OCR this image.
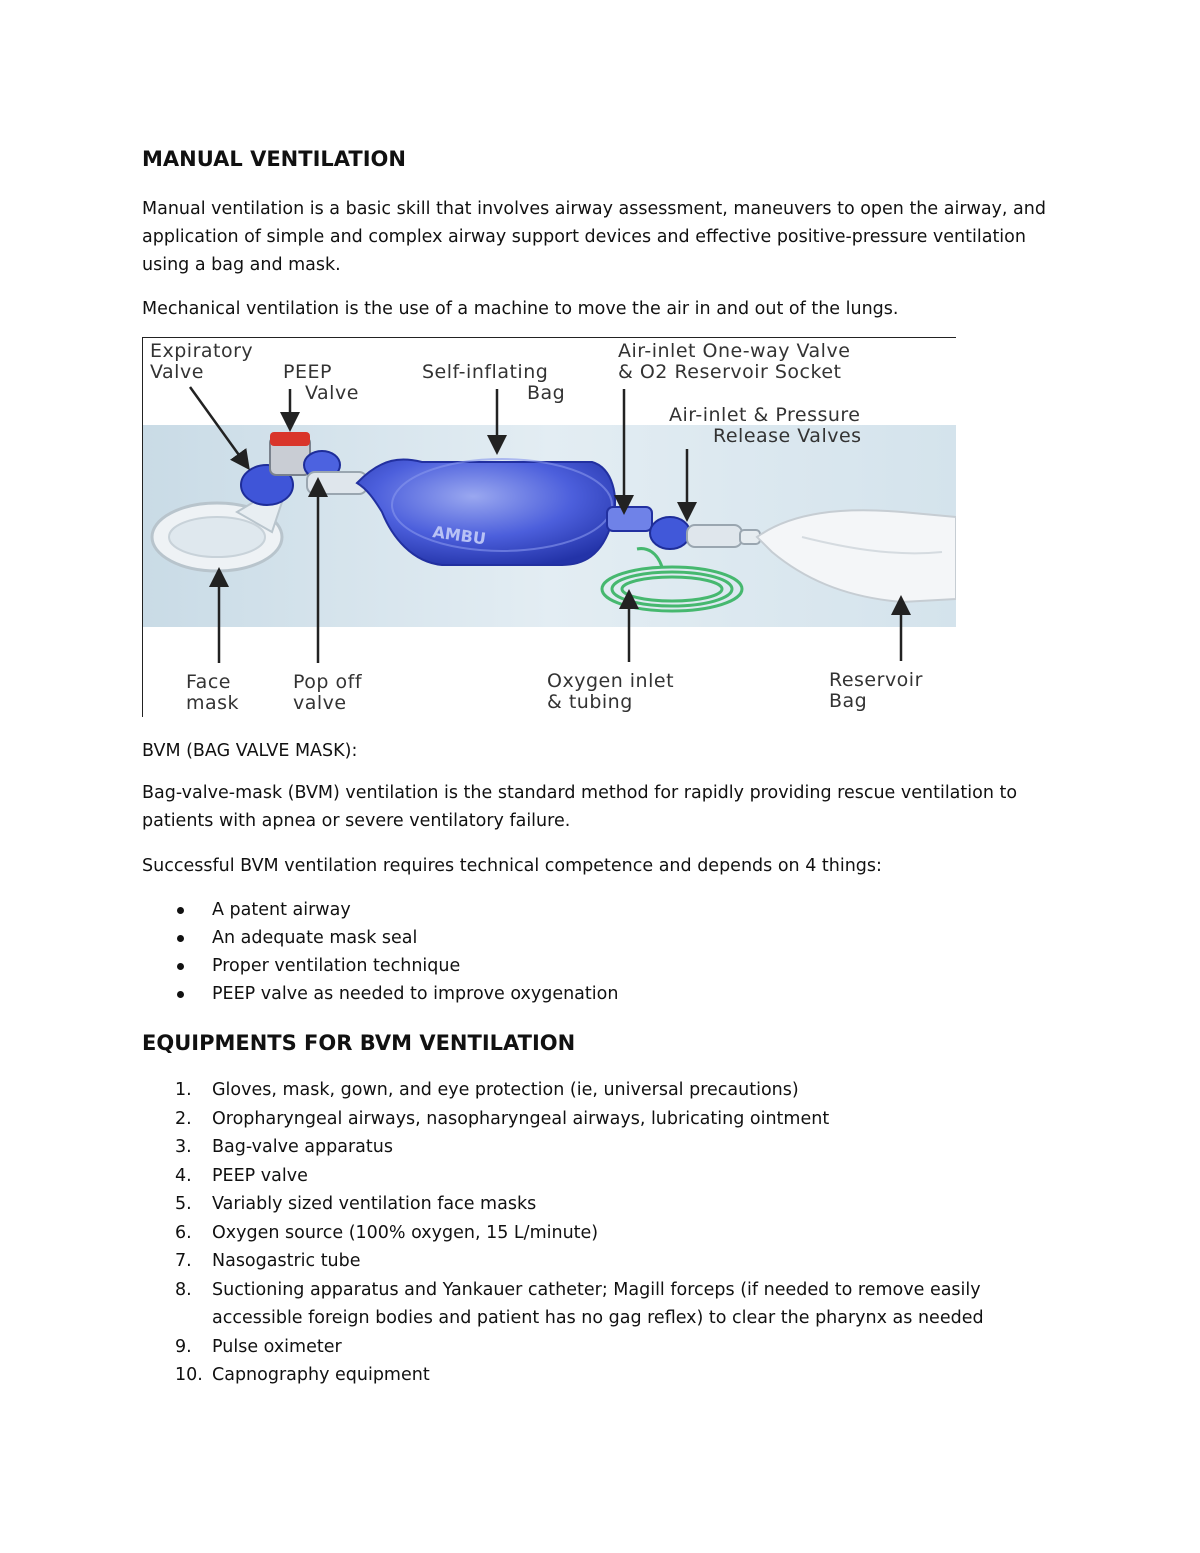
MANUAL VENTILATION

Manual ventilation is a basic skill that involves airway assessment, maneuvers to open the airway, and application of simple and complex airway support devices and effective positive-pressure ventilation using a bag and mask.

Mechanical ventilation is the use of a machine to move the air in and out of the lungs.

AMBU
Expiratory
Valve	PEEP
Valve
Self-inflating
Bag
Air-inlet One-way Valve
& O2 Reservoir Socket
Air-inlet & Pressure
Release Valves
Face
mask
Pop off
valve
Oxygen inlet
& tubing
Reservoir
Bag

BVM (BAG VALVE MASK):

Bag-valve-mask (BVM) ventilation is the standard method for rapidly providing rescue ventilation to patients with apnea or severe ventilatory failure.

Successful BVM ventilation requires technical competence and depends on 4 things:

A patent airway
An adequate mask seal
Proper ventilation technique
PEEP valve as needed to improve oxygenation
EQUIPMENTS FOR BVM VENTILATION
1.	Gloves, mask, gown, and eye protection (ie, universal precautions)
2.	Oropharyngeal airways, nasopharyngeal airways, lubricating ointment
3.	Bag-valve apparatus
4.	PEEP valve
5.	Variably sized ventilation face masks
6.	Oxygen source (100% oxygen, 15 L/minute)
7.	Nasogastric tube
8.	Suctioning apparatus and Yankauer catheter; Magill forceps (if needed to remove easily accessible foreign bodies and patient has no gag reflex) to clear the pharynx as needed
9.	Pulse oximeter
10. Capnography equipment
